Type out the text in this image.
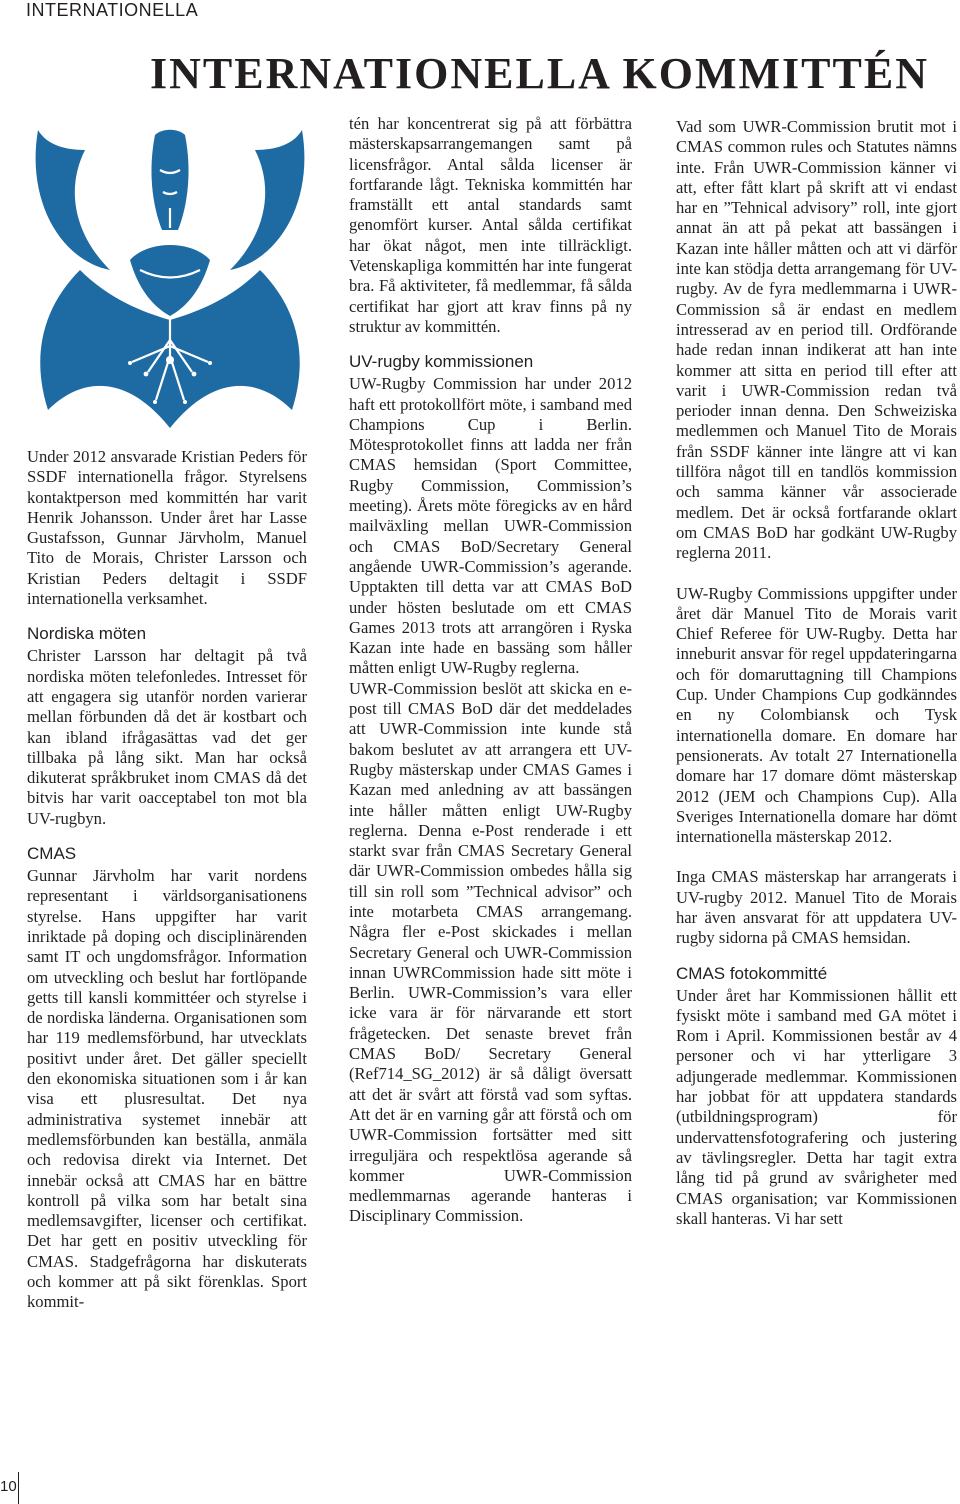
INTERNATIONELLA
INTERNATIONELLA KOMMITTÉN

Under 2012 ansvarade Kristian Peders för SSDF internationella frågor. Styrelsens kontaktperson med kommittén har varit Henrik Johansson. Under året har Lasse Gustafsson, Gunnar Järvholm, Manuel Tito de Morais, Christer Larsson och Kristian Peders deltagit i SSDF internationella verksamhet.

Nordiska möten

Christer Larsson har deltagit på två nordiska möten telefonledes. Intresset för att engagera sig utanför norden varierar mellan förbunden då det är kostbart och kan ibland ifrågasättas vad det ger tillbaka på lång sikt. Man har också dikuterat språkbruket inom CMAS då det bitvis har varit oacceptabel ton mot bla UV-rugbyn.

CMAS

Gunnar Järvholm har varit nordens representant i världsorganisationens styrelse. Hans uppgifter har varit inriktade på doping och disciplinärenden samt IT och ungdomsfrågor. Information om utveckling och beslut har fortlöpande getts till kansli kommittéer och styrelse i de nordiska länderna. Organisationen som har 119 medlemsförbund, har utvecklats positivt under året. Det gäller speciellt den ekonomiska situationen som i år kan visa ett plusresultat. Det nya administrativa systemet innebär att medlemsförbunden kan beställa, anmäla och redovisa direkt via Internet. Det innebär också att CMAS har en bättre kontroll på vilka som har betalt sina medlemsavgifter, licenser och certifikat. Det har gett en positiv utveckling för CMAS. Stadgefrågorna har diskuterats och kommer att på sikt förenklas. Sport kommit-

tén har koncentrerat sig på att förbättra mästerskapsarrangemangen samt på licensfrågor. Antal sålda licenser är fortfarande lågt. Tekniska kommittén har framställt ett antal standards samt genomfört kurser. Antal sålda certifikat har ökat något, men inte tillräckligt. Vetenskapliga kommittén har inte fungerat bra. Få aktiviteter, få medlemmar, få sålda certifikat har gjort att krav finns på ny struktur av kommittén.

UV-rugby kommissionen

UW-Rugby Commission har under 2012 haft ett protokollfört möte, i samband med Champions Cup i Berlin. Mötesprotokollet finns att ladda ner från CMAS hemsidan (Sport Committee, Rugby Commission, Commission’s meeting). Årets möte föregicks av en hård mailväxling mellan UWR-Commission och CMAS BoD/Secretary General angående UWR-Commission’s agerande. Upptakten till detta var att CMAS BoD under hösten beslutade om ett CMAS Games 2013 trots att arrangören i Ryska Kazan inte hade en bassäng som håller måtten enligt UW-Rugby reglerna.

UWR-Commission beslöt att skicka en e-post till CMAS BoD där det meddelades att UWR-Commission inte kunde stå bakom beslutet av att arrangera ett UV-Rugby mästerskap under CMAS Games i Kazan med anledning av att bassängen inte håller måtten enligt UW-Rugby reglerna. Denna e-Post renderade i ett starkt svar från CMAS Secretary General där UWR-Commission ombedes hålla sig till sin roll som ”Technical advisor” och inte motarbeta CMAS arrangemang. Några fler e-Post skickades i mellan Secretary General och UWR-Commission innan UWRCommission hade sitt möte i Berlin. UWR-Commission’s vara eller icke vara är för närvarande ett stort frågetecken. Det senaste brevet från CMAS BoD/ Secretary General (Ref714_SG_2012) är så dåligt översatt att det är svårt att förstå vad som syftas. Att det är en varning går att förstå och om UWR-Commission fortsätter med sitt irreguljära och respektlösa agerande så kommer UWR-Commission medlemmarnas agerande hanteras i Disciplinary Commission.

Vad som UWR-Commission brutit mot i CMAS common rules och Statutes nämns inte. Från UWR-Commission känner vi att, efter fått klart på skrift att vi endast har en ”Tehnical advisory” roll, inte gjort annat än att på pekat att bassängen i Kazan inte håller måtten och att vi därför inte kan stödja detta arrangemang för UV-rugby. Av de fyra medlemmarna i UWR-Commission så är endast en medlem intresserad av en period till. Ordförande hade redan innan indikerat att han inte kommer att sitta en period till efter att varit i UWR-Commission redan två perioder innan denna. Den Schweiziska medlemmen och Manuel Tito de Morais från SSDF känner inte längre att vi kan tillföra något till en tandlös kommission och samma känner vår associerade medlem. Det är också fortfarande oklart om CMAS BoD har godkänt UW-Rugby reglerna 2011.

UW-Rugby Commissions uppgifter under året där Manuel Tito de Morais varit Chief Referee för UW-Rugby. Detta har inneburit ansvar för regel uppdateringarna och för domaruttagning till Champions Cup. Under Champions Cup godkänndes en ny Colombiansk och Tysk internationella domare. En domare har pensionerats. Av totalt 27 Internationella domare har 17 domare dömt mästerskap 2012 (JEM och Champions Cup). Alla Sveriges Internationella domare har dömt internationella mästerskap 2012.

Inga CMAS mästerskap har arrangerats i UV-rugby 2012. Manuel Tito de Morais har även ansvarat för att uppdatera UV-rugby sidorna på CMAS hemsidan.

CMAS fotokommitté

Under året har Kommissionen hållit ett fysiskt möte i samband med GA mötet i Rom i April. Kommissionen består av 4 personer och vi har ytterligare 3 adjungerade medlemmar. Kommissionen har jobbat för att uppdatera standards (utbildningsprogram) för undervattensfotografering och justering av tävlingsregler. Detta har tagit extra lång tid på grund av svårigheter med CMAS organisation; var Kommissionen skall hanteras. Vi har sett

10
